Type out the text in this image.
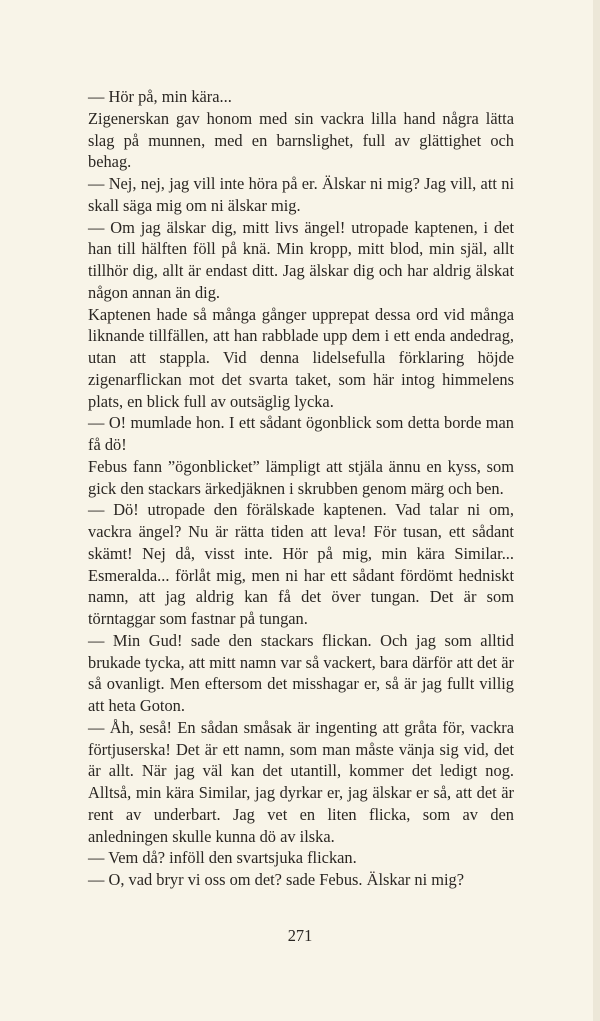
— Hör på, min kära...

Zigenerskan gav honom med sin vackra lilla hand några lätta slag på munnen, med en barnslighet, full av glättighet och behag.

— Nej, nej, jag vill inte höra på er. Älskar ni mig? Jag vill, att ni skall säga mig om ni älskar mig.

— Om jag älskar dig, mitt livs ängel! utropade kaptenen, i det han till hälften föll på knä. Min kropp, mitt blod, min själ, allt tillhör dig, allt är endast ditt. Jag älskar dig och har aldrig älskat någon annan än dig.

Kaptenen hade så många gånger upprepat dessa ord vid många liknande tillfällen, att han rabblade upp dem i ett enda andedrag, utan att stappla. Vid denna lidelsefulla förklaring höjde zigenarflickan mot det svarta taket, som här intog himmelens plats, en blick full av outsäglig lycka.

— O! mumlade hon. I ett sådant ögonblick som detta borde man få dö!

Febus fann ”ögonblicket” lämpligt att stjäla ännu en kyss, som gick den stackars ärkedjäknen i skrubben genom märg och ben.

— Dö! utropade den förälskade kaptenen. Vad talar ni om, vackra ängel? Nu är rätta tiden att leva! För tusan, ett sådant skämt! Nej då, visst inte. Hör på mig, min kära Similar... Esmeralda... förlåt mig, men ni har ett sådant fördömt hedniskt namn, att jag aldrig kan få det över tungan. Det är som törntaggar som fastnar på tungan.

— Min Gud! sade den stackars flickan. Och jag som alltid brukade tycka, att mitt namn var så vackert, bara därför att det är så ovanligt. Men eftersom det misshagar er, så är jag fullt villig att heta Goton.

— Åh, seså! En sådan småsak är ingenting att gråta för, vackra förtjuserska! Det är ett namn, som man måste vänja sig vid, det är allt. När jag väl kan det utantill, kommer det ledigt nog. Alltså, min kära Similar, jag dyrkar er, jag älskar er så, att det är rent av underbart. Jag vet en liten flicka, som av den anledningen skulle kunna dö av ilska.

— Vem då? inföll den svartsjuka flickan.

— O, vad bryr vi oss om det? sade Febus. Älskar ni mig?

271
